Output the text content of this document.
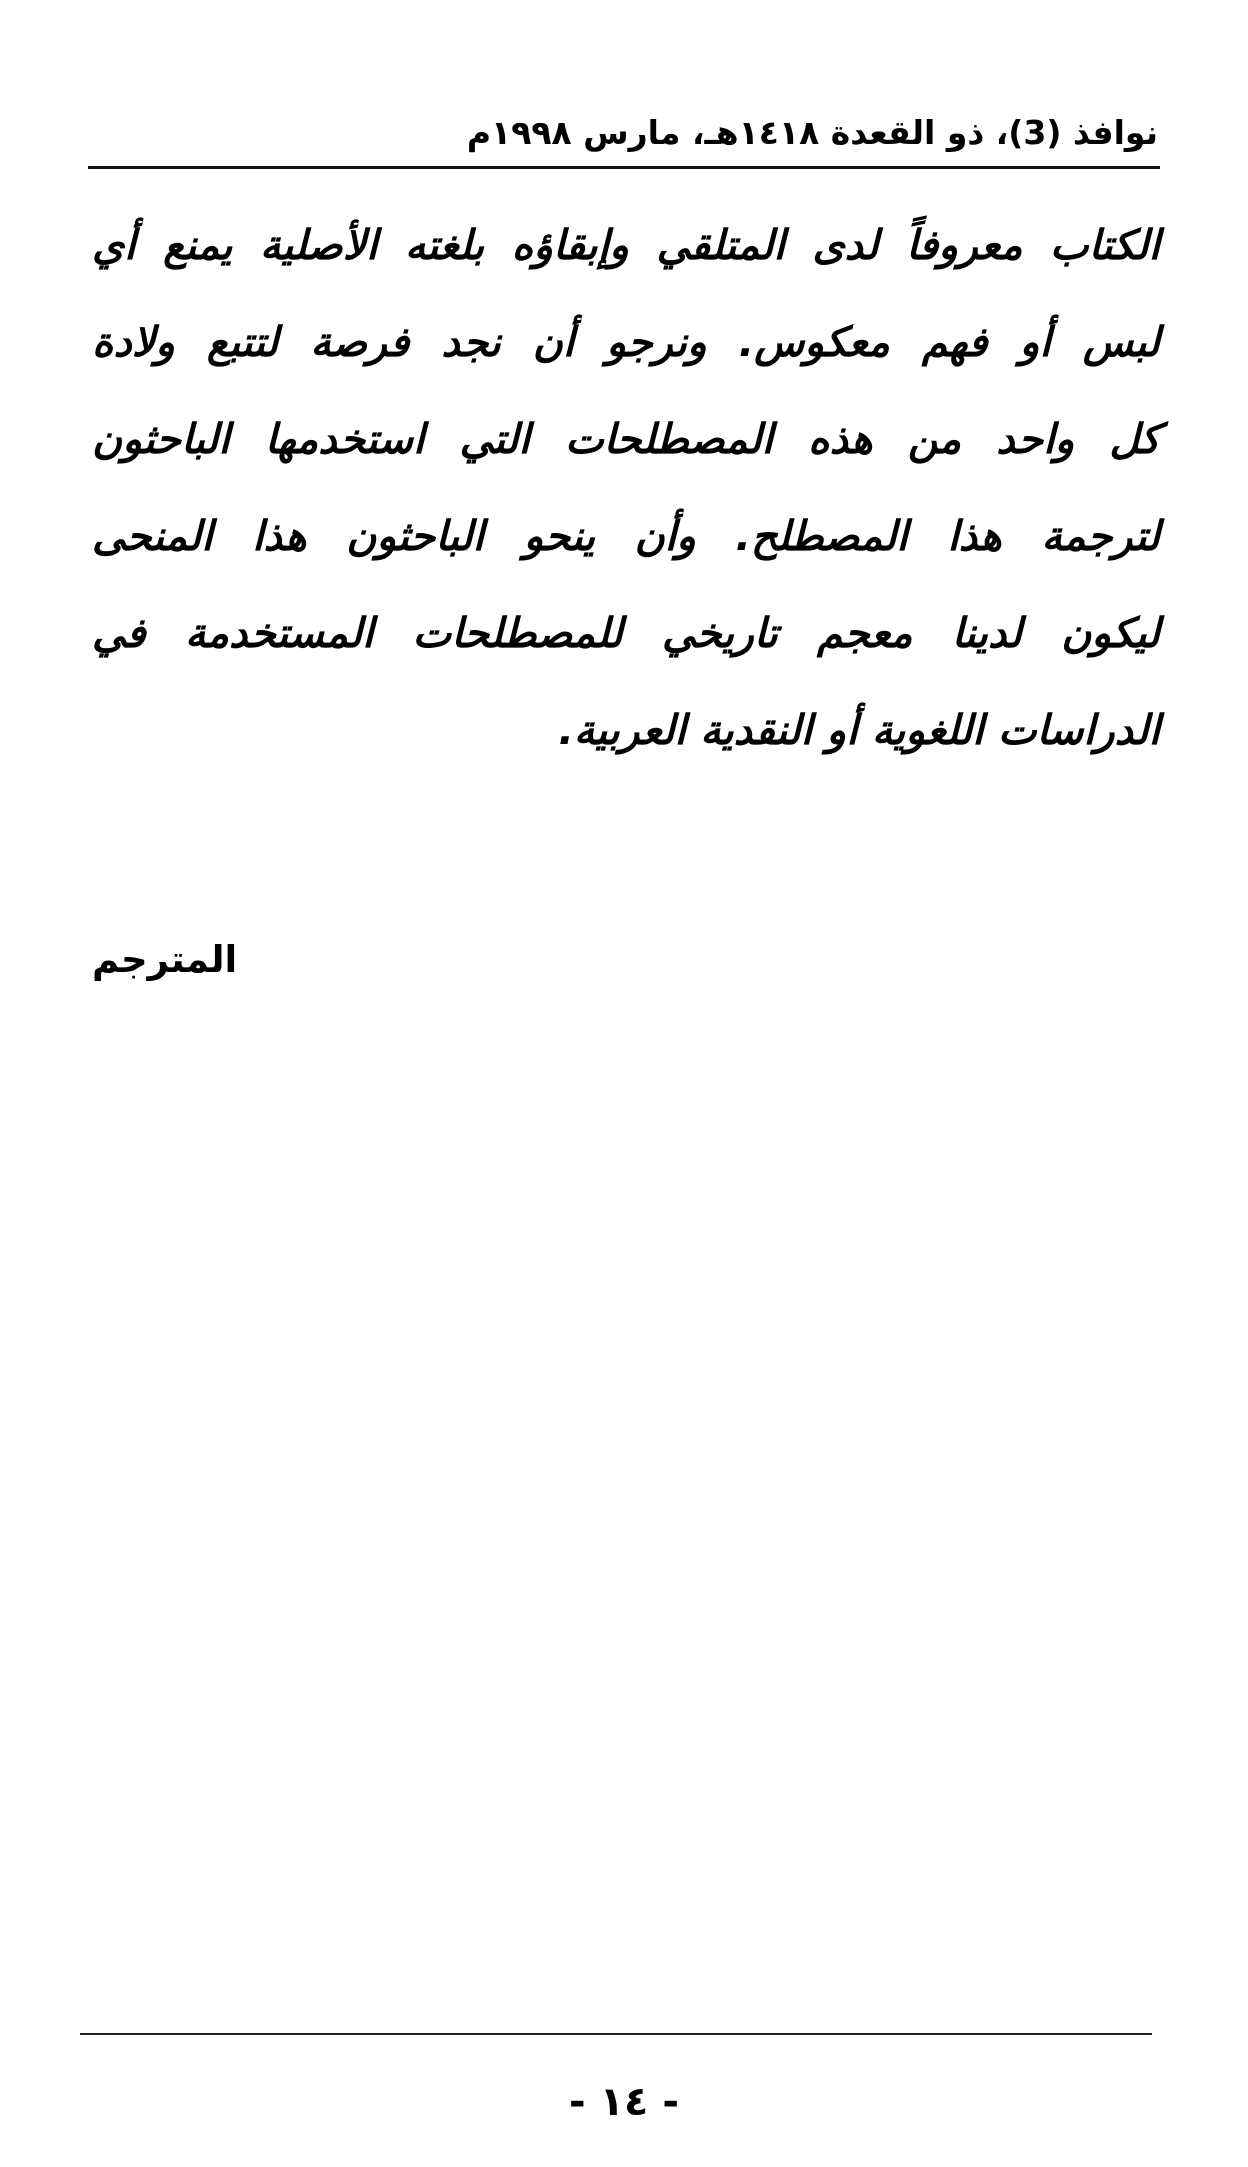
نوافذ (3)، ذو القعدة ١٤١٨هـ، مارس ١٩٩٨م
الكتاب معروفاً لدى المتلقي وإبقاؤه بلغته الأصلية يمنع أي
لبس أو فهم معكوس. ونرجو أن نجد فرصة لتتبع ولادة
كل واحد من هذه المصطلحات التي استخدمها الباحثون
لترجمة هذا المصطلح. وأن ينحو الباحثون هذا المنحى
ليكون لدينا معجم تاريخي للمصطلحات المستخدمة في
الدراسات اللغوية أو النقدية العربية.
المترجم
- ١٤ -
